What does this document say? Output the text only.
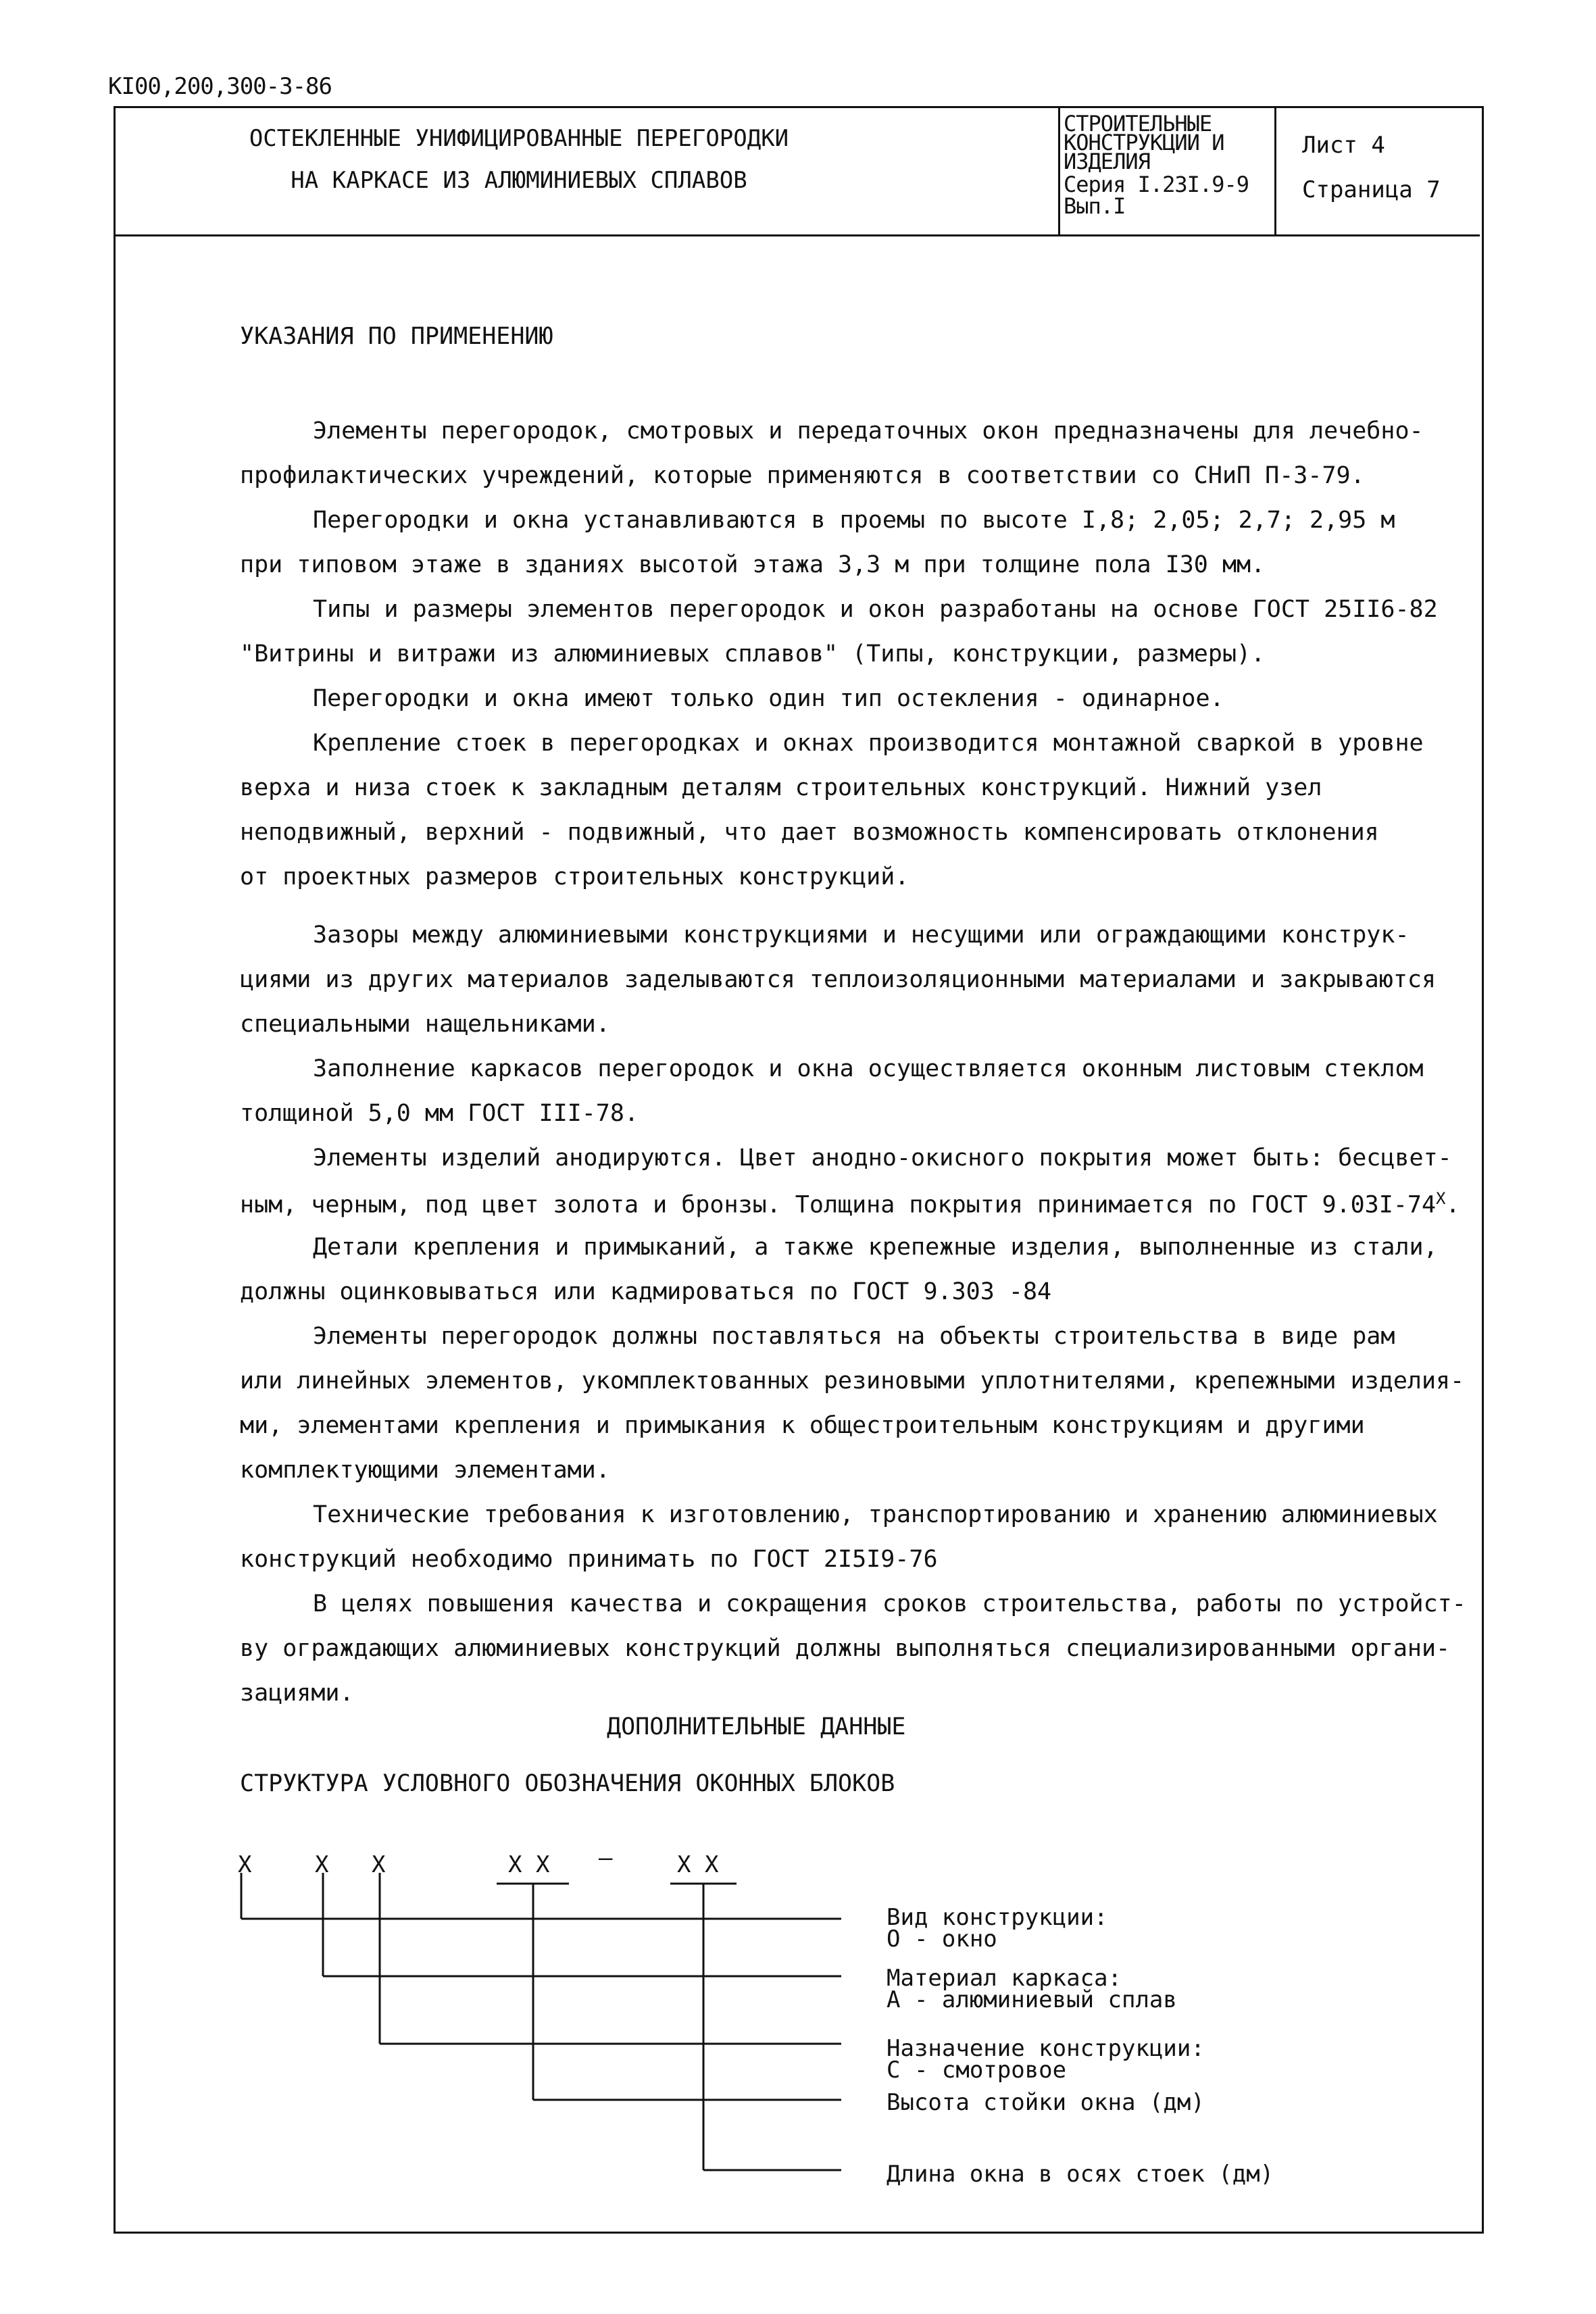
KI00,200,300-3-86
ОСТЕКЛЕННЫЕ УНИФИЦИРОВАННЫЕ ПЕРЕГОРОДКИ
НА КАРКАСЕ ИЗ АЛЮМИНИЕВЫХ СПЛАВОВ
СТРОИТЕЛЬНЫЕ
КОНСТРУКЦИИ И
ИЗДЕЛИЯ
Серия I.23I.9-9
Вып.I
Лист 4
Страница 7
УКАЗАНИЯ ПО ПРИМЕНЕНИЮ
Элементы перегородок, смотровых и передаточных окон предназначены для лечебно-
профилактических учреждений, которые применяются в соответствии со СНиП П-3-79.
Перегородки и окна устанавливаются в проемы по высоте I,8; 2,05; 2,7; 2,95 м
при типовом этаже в зданиях высотой этажа 3,3 м при толщине пола I30 мм.
Типы и размеры элементов перегородок и окон разработаны на основе ГОСТ 25II6-82
"Витрины и витражи из алюминиевых сплавов" (Типы, конструкции, размеры).
Перегородки и окна имеют только один тип остекления - одинарное.
Крепление стоек в перегородках и окнах производится монтажной сваркой в уровне
верха и низа стоек к закладным деталям строительных конструкций. Нижний узел
неподвижный, верхний - подвижный, что дает возможность компенсировать отклонения
от проектных размеров строительных конструкций.
Зазоры между алюминиевыми конструкциями и несущими или ограждающими конструк-
циями из других материалов заделываются теплоизоляционными материалами и закрываются
специальными нащельниками.
Заполнение каркасов перегородок и окна осуществляется оконным листовым стеклом
толщиной 5,0 мм ГОСТ III-78.
Элементы изделий анодируются. Цвет анодно-окисного покрытия может быть: бесцвет-
ным, черным, под цвет золота и бронзы. Толщина покрытия принимается по ГОСТ $9.03I-74^X$.
Детали крепления и примыканий, а также крепежные изделия, выполненные из стали,
должны оцинковываться или кадмироваться по ГОСТ 9.303 -84
Элементы перегородок должны поставляться на объекты строительства в виде рам
или линейных элементов, укомплектованных резиновыми уплотнителями, крепежными изделия-
ми, элементами крепления и примыкания к общестроительным конструкциям и другими
комплектующими элементами.
Технические требования к изготовлению, транспортированию и хранению алюминиевых
конструкций необходимо принимать по ГОСТ 2I5I9-76
В целях повышения качества и сокращения сроков строительства, работы по устройст-
ву ограждающих алюминиевых конструкций должны выполняться специализированными органи-
зациями.
ДОПОЛНИТЕЛЬНЫЕ ДАННЫЕ
СТРУКТУРА УСЛОВНОГО ОБОЗНАЧЕНИЯ ОКОННЫХ БЛОКОВ
X	X X	X X —	X X
Вид конструкции:
О - окно
Материал каркаса:
А - алюминиевый сплав
Назначение конструкции:
С - смотровое
Высота стойки окна (дм)
Длина окна в осях стоек (дм)
